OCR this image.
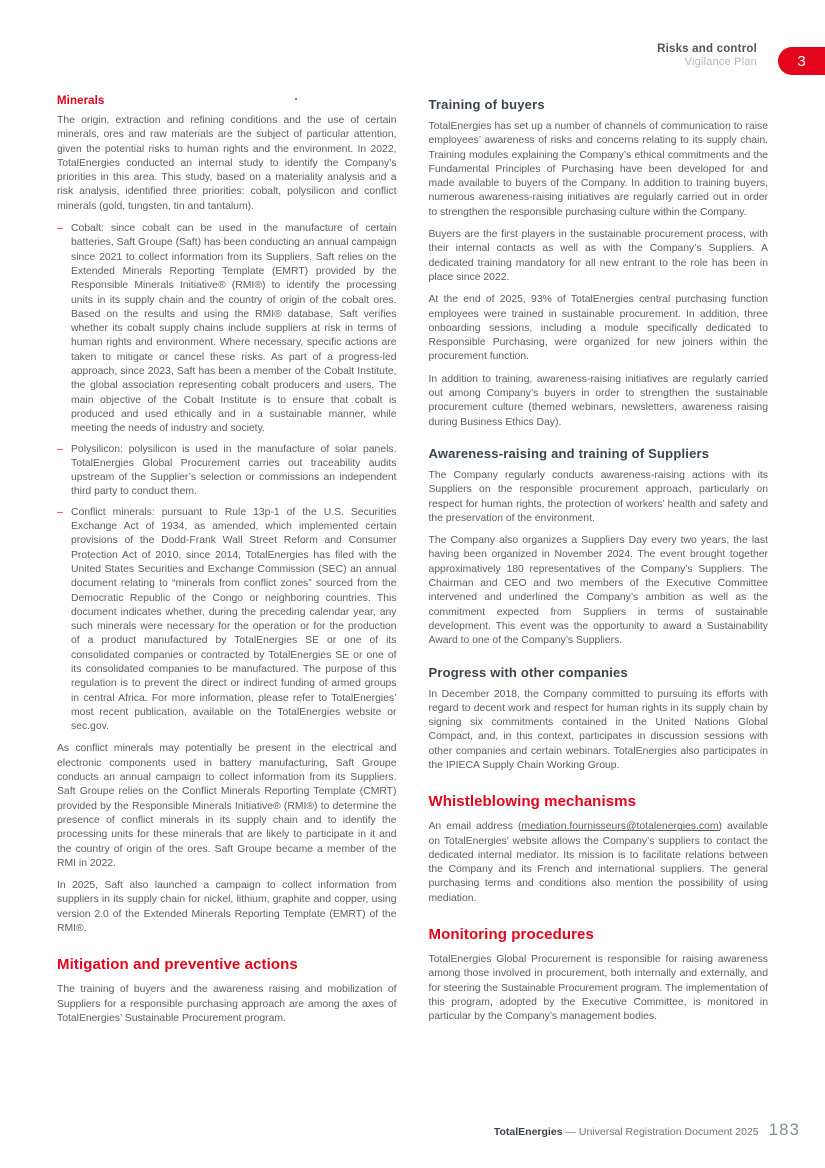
Risks and control
Vigilance Plan	3
Minerals

The origin, extraction and refining conditions and the use of certain minerals, ores and raw materials are the subject of particular attention, given the potential risks to human rights and the environment. In 2022, TotalEnergies conducted an internal study to identify the Company’s priorities in this area. This study, based on a materiality analysis and a risk analysis, identified three priorities: cobalt, polysilicon and conflict minerals (gold, tungsten, tin and tantalum).

– Cobalt: since cobalt can be used in the manufacture of certain batteries, Saft Groupe (Saft) has been conducting an annual campaign since 2021 to collect information from its Suppliers. Saft relies on the Extended Minerals Reporting Template (EMRT) provided by the Responsible Minerals Initiative® (RMI®) to identify the processing units in its supply chain and the country of origin of the cobalt ores. Based on the results and using the RMI® database, Saft verifies whether its cobalt supply chains include suppliers at risk in terms of human rights and environment. Where necessary, specific actions are taken to mitigate or cancel these risks. As part of a progress-led approach, since 2023, Saft has been a member of the Cobalt Institute, the global association representing cobalt producers and users. The main objective of the Cobalt Institute is to ensure that cobalt is produced and used ethically and in a sustainable manner, while meeting the needs of industry and society.
– Polysilicon: polysilicon is used in the manufacture of solar panels. TotalEnergies Global Procurement carries out traceability audits upstream of the Supplier’s selection or commissions an independent third party to conduct them.
– Conflict minerals: pursuant to Rule 13p-1 of the U.S. Securities Exchange Act of 1934, as amended, which implemented certain provisions of the Dodd-Frank Wall Street Reform and Consumer Protection Act of 2010, since 2014, TotalEnergies has filed with the United States Securities and Exchange Commission (SEC) an annual document relating to “minerals from conflict zones” sourced from the Democratic Republic of the Congo or neighboring countries. This document indicates whether, during the preceding calendar year, any such minerals were necessary for the operation or for the production of a product manufactured by TotalEnergies SE or one of its consolidated companies or contracted by TotalEnergies SE or one of its consolidated companies to be manufactured. The purpose of this regulation is to prevent the direct or indirect funding of armed groups in central Africa. For more information, please refer to TotalEnergies’ most recent publication, available on the TotalEnergies website or sec.gov.

As conflict minerals may potentially be present in the electrical and electronic components used in battery manufacturing, Saft Groupe conducts an annual campaign to collect information from its Suppliers. Saft Groupe relies on the Conflict Minerals Reporting Template (CMRT) provided by the Responsible Minerals Initiative® (RMI®) to determine the presence of conflict minerals in its supply chain and to identify the processing units for these minerals that are likely to participate in it and the country of origin of the ores. Saft Groupe became a member of the RMI in 2022.

In 2025, Saft also launched a campaign to collect information from suppliers in its supply chain for nickel, lithium, graphite and copper, using version 2.0 of the Extended Minerals Reporting Template (EMRT) of the RMI®.

Mitigation and preventive actions

The training of buyers and the awareness raising and mobilization of Suppliers for a responsible purchasing approach are among the axes of TotalEnergies’ Sustainable Procurement program.

Training of buyers

TotalEnergies has set up a number of channels of communication to raise employees’ awareness of risks and concerns relating to its supply chain. Training modules explaining the Company’s ethical commitments and the Fundamental Principles of Purchasing have been developed for and made available to buyers of the Company. In addition to training buyers, numerous awareness-raising initiatives are regularly carried out in order to strengthen the responsible purchasing culture within the Company.

Buyers are the first players in the sustainable procurement process, with their internal contacts as well as with the Company’s Suppliers. A dedicated training mandatory for all new entrant to the role has been in place since 2022.

At the end of 2025, 93% of TotalEnergies central purchasing function employees were trained in sustainable procurement. In addition, three onboarding sessions, including a module specifically dedicated to Responsible Purchasing, were organized for new joiners within the procurement function.

In addition to training, awareness-raising initiatives are regularly carried out among Company’s buyers in order to strengthen the sustainable procurement culture (themed webinars, newsletters, awareness raising during Business Ethics Day).

Awareness-raising and training of Suppliers

The Company regularly conducts awareness-raising actions with its Suppliers on the responsible procurement approach, particularly on respect for human rights, the protection of workers’ health and safety and the preservation of the environment.

The Company also organizes a Suppliers Day every two years, the last having been organized in November 2024. The event brought together approximatively 180 representatives of the Company’s Suppliers. The Chairman and CEO and two members of the Executive Committee intervened and underlined the Company’s ambition as well as the commitment expected from Suppliers in terms of sustainable development. This event was the opportunity to award a Sustainability Award to one of the Company’s Suppliers.

Progress with other companies

In December 2018, the Company committed to pursuing its efforts with regard to decent work and respect for human rights in its supply chain by signing six commitments contained in the United Nations Global Compact, and, in this context, participates in discussion sessions with other companies and certain webinars. TotalEnergies also participates in the IPIECA Supply Chain Working Group.

Whistleblowing mechanisms

An email address (mediation.fournisseurs@totalenergies.com) available on TotalEnergies’ website allows the Company’s suppliers to contact the dedicated internal mediator. Its mission is to facilitate relations between the Company and its French and international suppliers. The general purchasing terms and conditions also mention the possibility of using mediation.

Monitoring procedures

TotalEnergies Global Procurement is responsible for raising awareness among those involved in procurement, both internally and externally, and for steering the Sustainable Procurement program. The implementation of this program, adopted by the Executive Committee, is monitored in particular by the Company’s management bodies.

TotalEnergies — Universal Registration Document 2025 183
